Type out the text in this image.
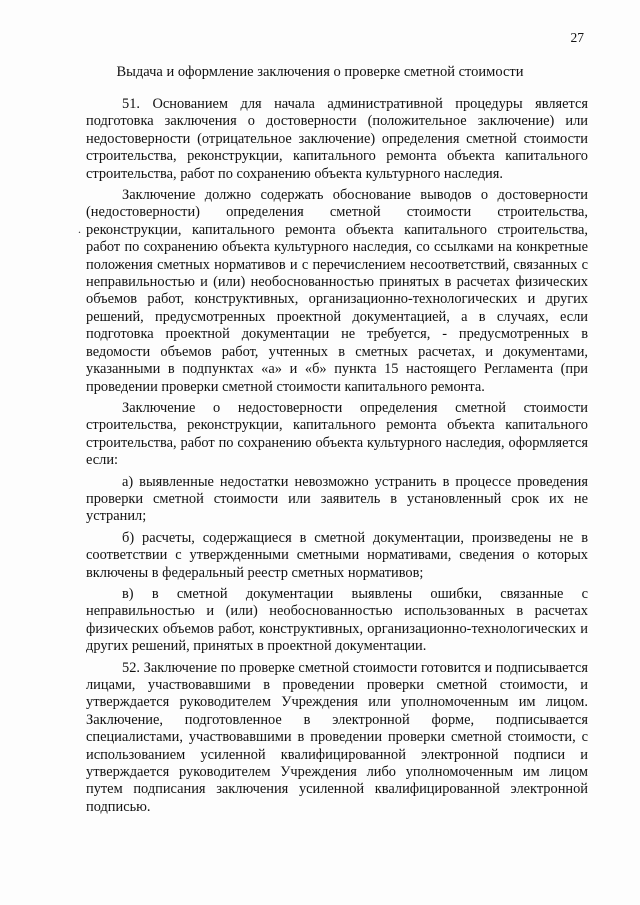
27
Выдача и оформление заключения о проверке сметной стоимости
.

51. Основанием для начала административной процедуры является подготовка заключения о достоверности (положительное заключение) или недостоверности (отрицательное заключение) определения сметной стоимости строительства, реконструкции, капитального ремонта объекта капитального строительства, работ по сохранению объекта культурного наследия.

Заключение должно содержать обоснование выводов о достоверности (недостоверности) определения сметной стоимости строительства, реконструкции, капитального ремонта объекта капитального строительства, работ по сохранению объекта культурного наследия, со ссылками на конкретные положения сметных нормативов и с перечислением несоответствий, связанных с неправильностью и (или) необоснованностью принятых в расчетах физических объемов работ, конструктивных, организационно-технологических и других решений, предусмотренных проектной документацией, а в случаях, если подготовка проектной документации не требуется, - предусмотренных в ведомости объемов работ, учтенных в сметных расчетах, и документами, указанными в подпунктах «а» и «б» пункта 15 настоящего Регламента (при проведении проверки сметной стоимости капитального ремонта.

Заключение о недостоверности определения сметной стоимости строительства, реконструкции, капитального ремонта объекта капитального строительства, работ по сохранению объекта культурного наследия, оформляется если:

а) выявленные недостатки невозможно устранить в процессе проведения проверки сметной стоимости или заявитель в установленный срок их не устранил;

б) расчеты, содержащиеся в сметной документации, произведены не в соответствии с утвержденными сметными нормативами, сведения о которых включены в федеральный реестр сметных нормативов;

в) в сметной документации выявлены ошибки, связанные с неправильностью и (или) необоснованностью использованных в расчетах физических объемов работ, конструктивных, организационно-технологических и других решений, принятых в проектной документации.

52. Заключение по проверке сметной стоимости готовится и подписывается лицами, участвовавшими в проведении проверки сметной стоимости, и утверждается руководителем Учреждения или уполномоченным им лицом. Заключение, подготовленное в электронной форме, подписывается специалистами, участвовавшими в проведении проверки сметной стоимости, с использованием усиленной квалифицированной электронной подписи и утверждается руководителем Учреждения либо уполномоченным им лицом путем подписания заключения усиленной квалифицированной электронной подписью.
